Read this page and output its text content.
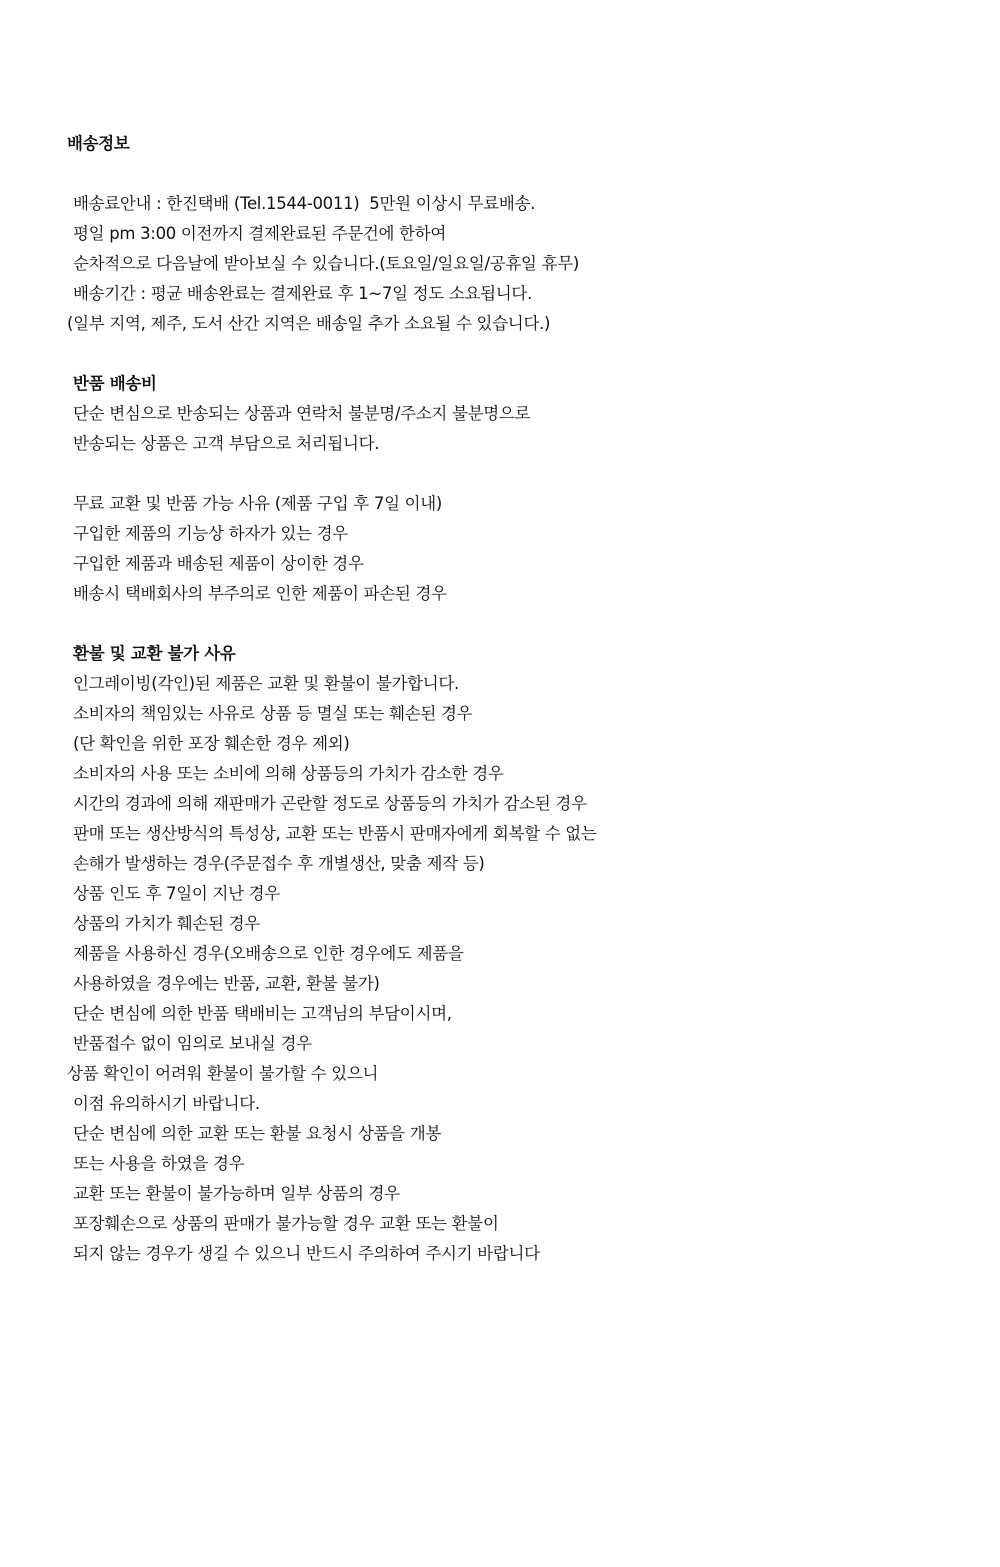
배송정보
배송료안내 : 한진택배 (Tel.1544-0011)  5만원 이상시 무료배송.
평일 pm 3:00 이전까지 결제완료된 주문건에 한하여
순차적으로 다음날에 받아보실 수 있습니다.(토요일/일요일/공휴일 휴무)
배송기간 : 평균 배송완료는 결제완료 후 1~7일 정도 소요됩니다.
(일부 지역, 제주, 도서 산간 지역은 배송일 추가 소요될 수 있습니다.)
반품 배송비
단순 변심으로 반송되는 상품과 연락처 불분명/주소지 불분명으로
반송되는 상품은 고객 부담으로 처리됩니다.
무료 교환 및 반품 가능 사유 (제품 구입 후 7일 이내)
구입한 제품의 기능상 하자가 있는 경우
구입한 제품과 배송된 제품이 상이한 경우
배송시 택배회사의 부주의로 인한 제품이 파손된 경우
환불 및 교환 불가 사유
인그레이빙(각인)된 제품은 교환 및 환불이 불가합니다.
소비자의 책임있는 사유로 상품 등 멸실 또는 훼손된 경우
(단 확인을 위한 포장 훼손한 경우 제외)
소비자의 사용 또는 소비에 의해 상품등의 가치가 감소한 경우
시간의 경과에 의해 재판매가 곤란할 정도로 상품등의 가치가 감소된 경우
판매 또는 생산방식의 특성상, 교환 또는 반품시 판매자에게 회복할 수 없는
손해가 발생하는 경우(주문접수 후 개별생산, 맞춤 제작 등)
상품 인도 후 7일이 지난 경우
상품의 가치가 훼손된 경우
제품을 사용하신 경우(오배송으로 인한 경우에도 제품을
사용하였을 경우에는 반품, 교환, 환불 불가)
단순 변심에 의한 반품 택배비는 고객님의 부담이시며,
반품접수 없이 임의로 보내실 경우
상품 확인이 어려워 환불이 불가할 수 있으니
이점 유의하시기 바랍니다.
단순 변심에 의한 교환 또는 환불 요청시 상품을 개봉
또는 사용을 하였을 경우
교환 또는 환불이 불가능하며 일부 상품의 경우
포장훼손으로 상품의 판매가 불가능할 경우 교환 또는 환불이
되지 않는 경우가 생길 수 있으니 반드시 주의하여 주시기 바랍니다
